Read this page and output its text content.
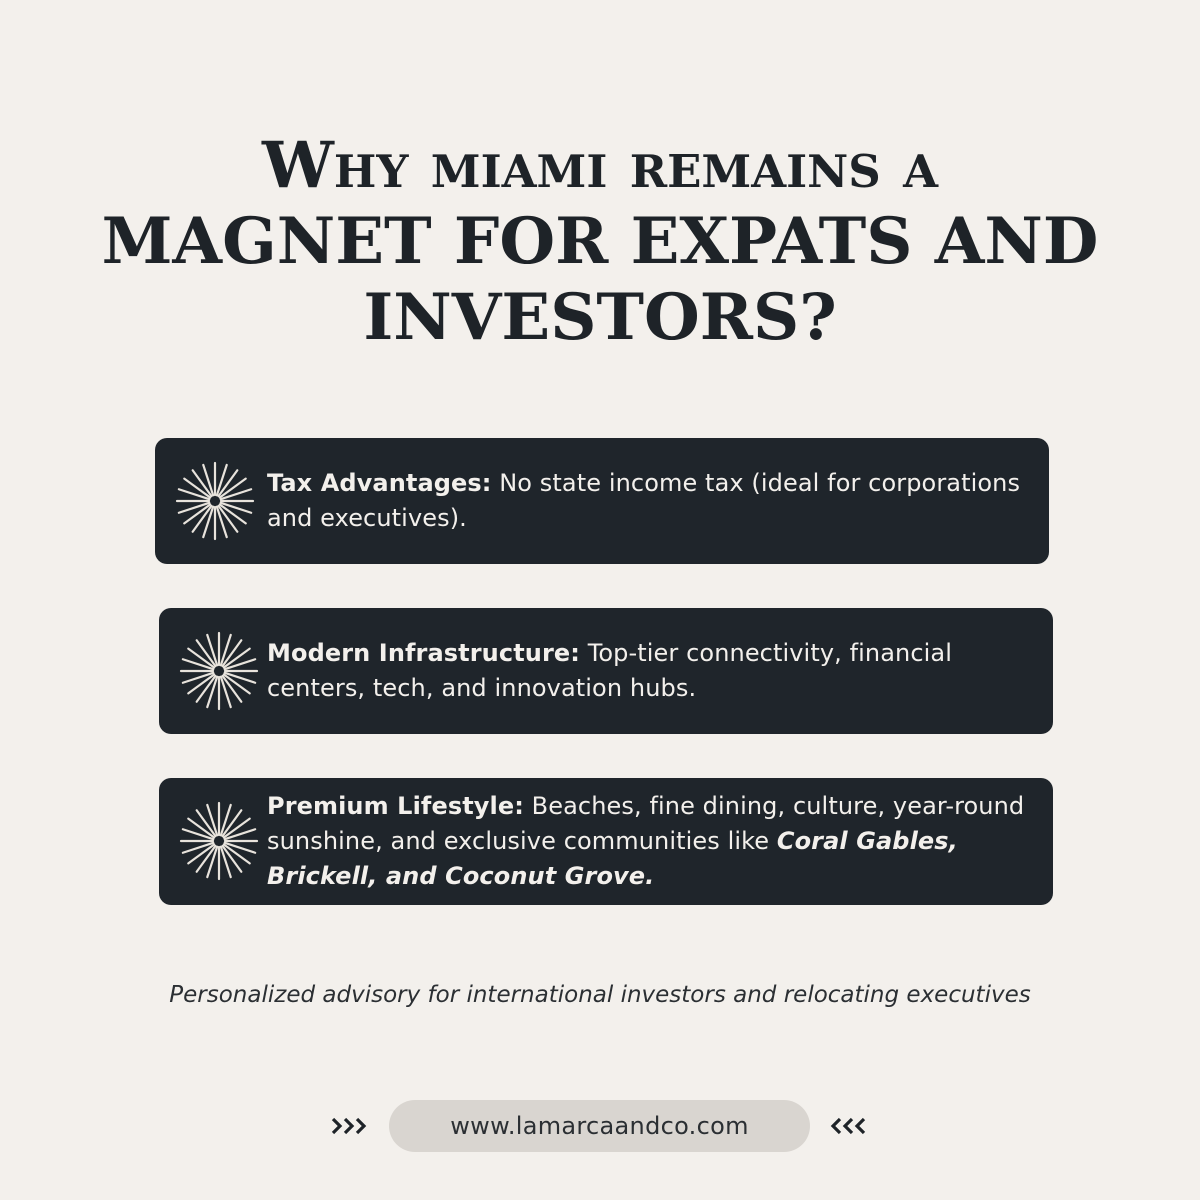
Why miami remains a
MAGNET FOR EXPATS AND
INVESTORS?
Tax Advantages: No state income tax (ideal for corporations and executives).
Modern Infrastructure: Top-tier connectivity, financial centers, tech, and innovation hubs.
Premium Lifestyle: Beaches, fine dining, culture, year-round sunshine, and exclusive communities like Coral Gables, Brickell, and Coconut Grove.
Personalized advisory for international investors and relocating executives
www.lamarcaandco.com
